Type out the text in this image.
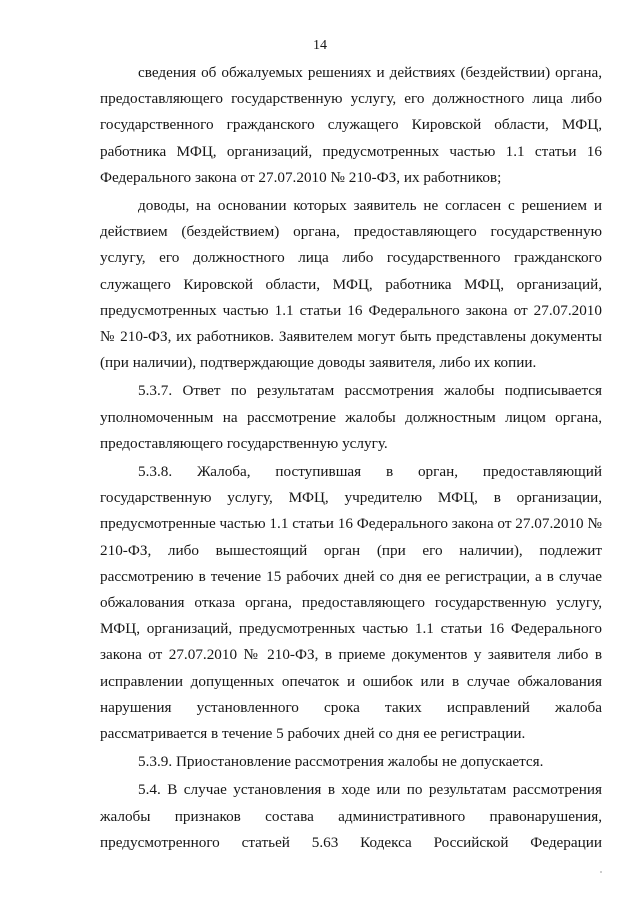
14

сведения об обжалуемых решениях и действиях (бездействии) органа, предоставляющего государственную услугу, его должностного лица либо государственного гражданского служащего Кировской области, МФЦ, работника МФЦ, организаций, предусмотренных частью 1.1 статьи 16 Федерального закона от 27.07.2010 № 210-ФЗ, их работников;

доводы, на основании которых заявитель не согласен с решением и действием (бездействием) органа, предоставляющего государственную услугу, его должностного лица либо государственного гражданского служащего Кировской области, МФЦ, работника МФЦ, организаций, предусмотренных частью 1.1 статьи 16 Федерального закона от 27.07.2010 № 210-ФЗ, их работников. Заявителем могут быть представлены документы (при наличии), подтверждающие доводы заявителя, либо их копии.

5.3.7. Ответ по результатам рассмотрения жалобы подписывается уполномоченным на рассмотрение жалобы должностным лицом органа, предоставляющего государственную услугу.

5.3.8. Жалоба, поступившая в орган, предоставляющий государственную услугу, МФЦ, учредителю МФЦ, в организации, предусмотренные частью 1.1 статьи 16 Федерального закона от 27.07.2010 № 210-ФЗ, либо вышестоящий орган (при его наличии), подлежит рассмотрению в течение 15 рабочих дней со дня ее регистрации, а в случае обжалования отказа органа, предоставляющего государственную услугу, МФЦ, организаций, предусмотренных частью 1.1 статьи 16 Федерального закона от 27.07.2010 № 210-ФЗ, в приеме документов у заявителя либо в исправлении допущенных опечаток и ошибок или в случае обжалования нарушения установленного срока таких исправлений жалоба рассматривается в течение 5 рабочих дней со дня ее регистрации.

5.3.9. Приостановление рассмотрения жалобы не допускается.

5.4. В случае установления в ходе или по результатам рассмотрения жалобы признаков состава административного правонарушения, предусмотренного статьей 5.63 Кодекса Российской Федерации
